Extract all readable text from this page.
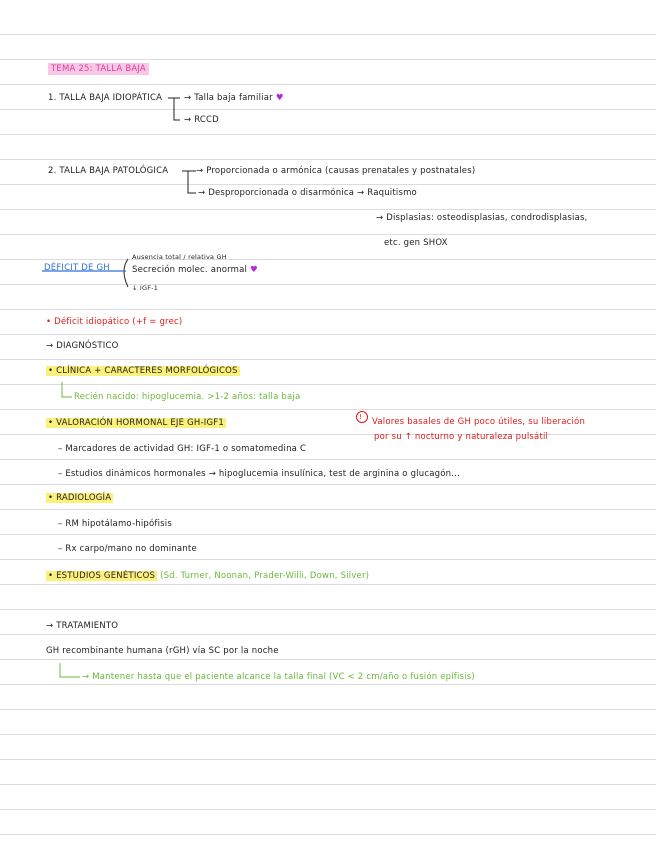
TEMA 25: TALLA BAJA
1. TALLA BAJA IDIOPÁTICA	→ Talla baja familiar ♥
→ RCCD
2. TALLA BAJA PATOLÓGICA	→ Proporcionada o armónica (causas prenatales y postnatales)
→ Desproporcionada o disarmónica → Raquitismo
→ Displasias: osteodisplasias, condrodisplasias,
etc. gen SHOX
DÉFICIT DE GH
Ausencia total / relativa GH
Secreción molec. anormal ♥
↓ IGF-1
• Déficit idiopático (+f = grec)
→ DIAGNÓSTICO
• CLÍNICA + CARACTERES MORFOLÓGICOS
Recién nacido: hipoglucemia. >1-2 años: talla baja
• VALORACIÓN HORMONAL EJE GH-IGF1	Valores basales de GH poco útiles, su liberación
por su ↑ nocturno y naturaleza pulsátil
!
– Marcadores de actividad GH: IGF-1 o somatomedina C
– Estudios dinámicos hormonales → hipoglucemia insulínica, test de arginina o glucagón...
• RADIOLOGÍA
– RM hipotálamo-hipófisis
– Rx carpo/mano no dominante
• ESTUDIOS GENÉTICOS (Sd. Turner, Noonan, Prader-Willi, Down, Silver)
→ TRATAMIENTO
GH recombinante humana (rGH) vía SC por la noche
→ Mantener hasta que el paciente alcance la talla final (VC < 2 cm/año o fusión epífisis)
